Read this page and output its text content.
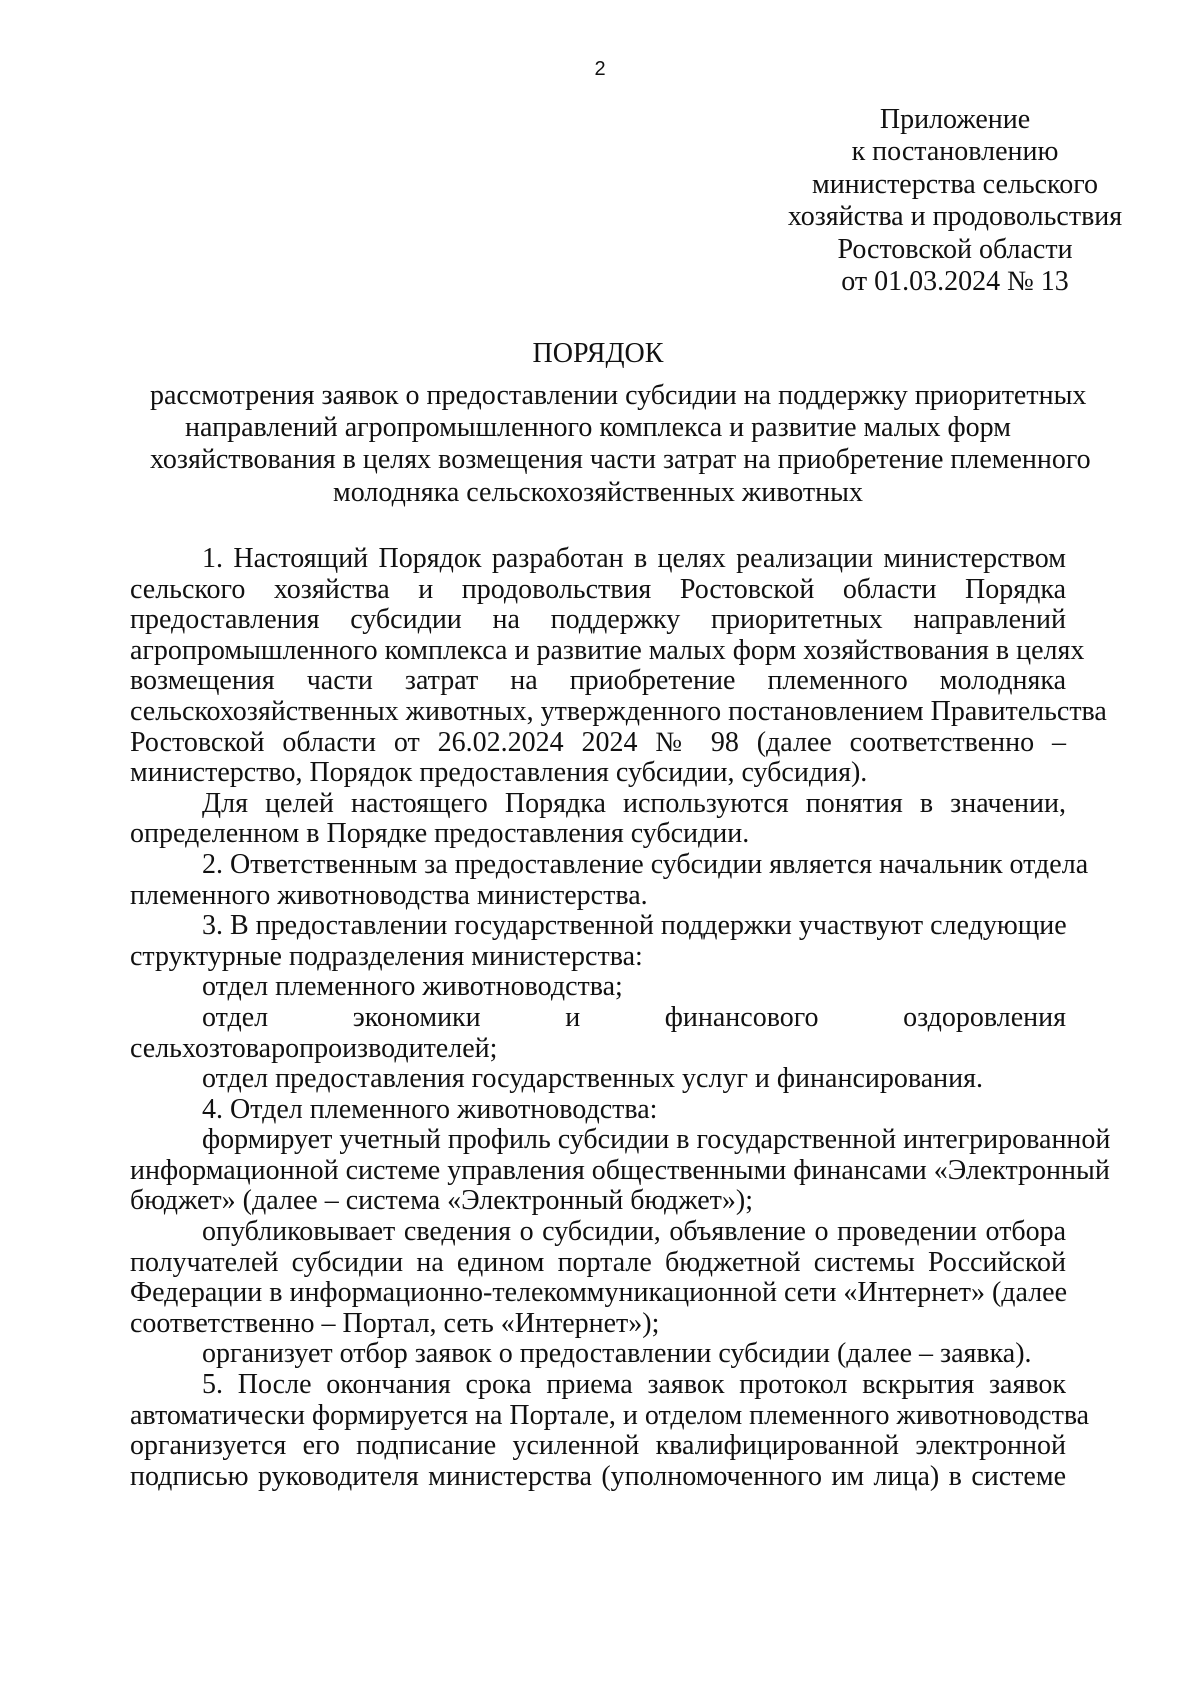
2
Приложение
к постановлению
министерства сельского
хозяйства и продовольствия
Ростовской области
от 01.03.2024 № 13
ПОРЯДОК
рассмотрения заявок о предоставлении субсидии на поддержку приоритетных
направлений агропромышленного комплекса и развитие малых форм
хозяйствования в целях возмещения части затрат на приобретение племенного
молодняка сельскохозяйственных животных
1. Настоящий Порядок разработан в целях реализации министерством
сельского хозяйства и продовольствия Ростовской области Порядка
предоставления субсидии на поддержку приоритетных направлений
агропромышленного комплекса и развитие малых форм хозяйствования в целях
возмещения части затрат на приобретение племенного молодняка
сельскохозяйственных животных, утвержденного постановлением Правительства
Ростовской области от 26.02.2024 2024 № 98 (далее соответственно –
министерство, Порядок предоставления субсидии, субсидия).
Для целей настоящего Порядка используются понятия в значении,
определенном в Порядке предоставления субсидии.
2. Ответственным за предоставление субсидии является начальник отдела
племенного животноводства министерства.
3. В предоставлении государственной поддержки участвуют следующие
структурные подразделения министерства:
отдел племенного животноводства;
отдел экономики и финансового оздоровления
сельхозтоваропроизводителей;
отдел предоставления государственных услуг и финансирования.
4. Отдел племенного животноводства:
формирует учетный профиль субсидии в государственной интегрированной
информационной системе управления общественными финансами «Электронный
бюджет» (далее – система «Электронный бюджет»);
опубликовывает сведения о субсидии, объявление о проведении отбора
получателей субсидии на едином портале бюджетной системы Российской
Федерации в информационно-телекоммуникационной сети «Интернет» (далее
соответственно – Портал, сеть «Интернет»);
организует отбор заявок о предоставлении субсидии (далее – заявка).
5. После окончания срока приема заявок протокол вскрытия заявок
автоматически формируется на Портале, и отделом племенного животноводства
организуется его подписание усиленной квалифицированной электронной
подписью руководителя министерства (уполномоченного им лица) в системе
